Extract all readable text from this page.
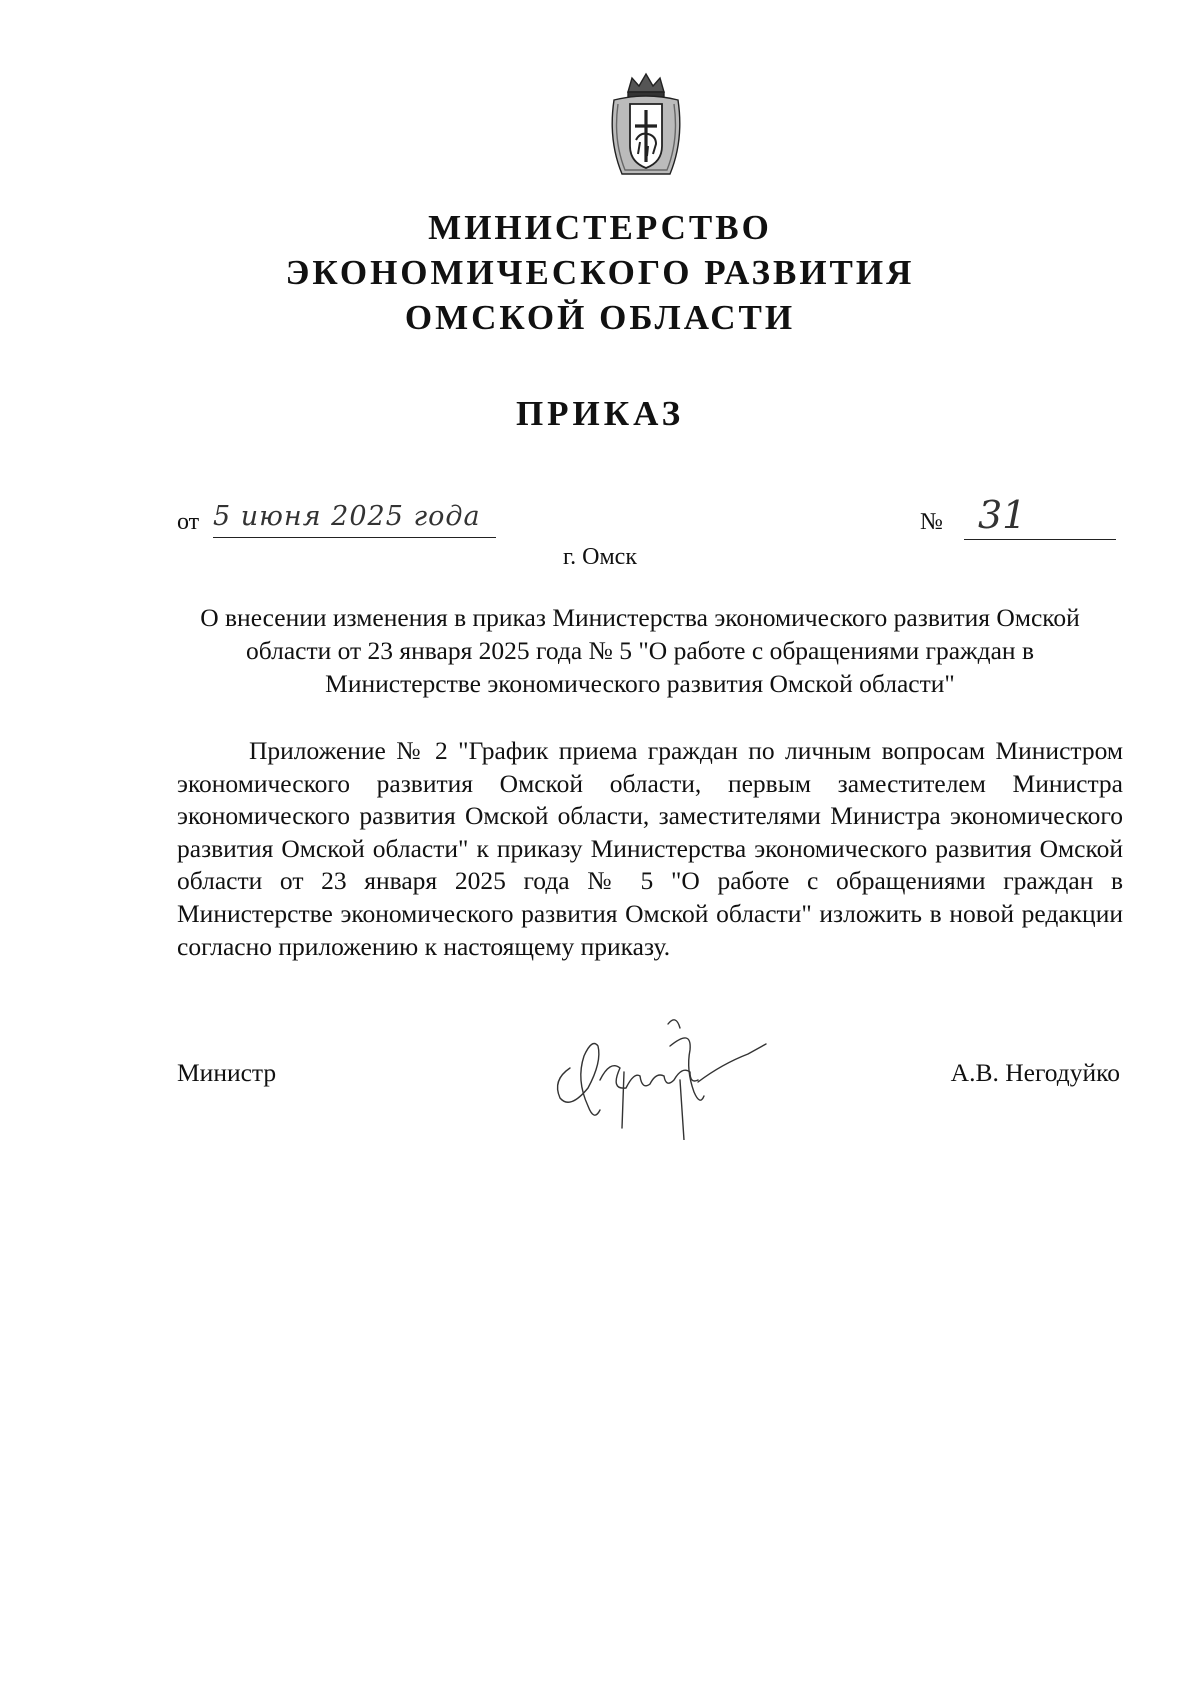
МИНИСТЕРСТВО
ЭКОНОМИЧЕСКОГО РАЗВИТИЯ
ОМСКОЙ ОБЛАСТИ
ПРИКАЗ
от 5 июня 2025 года	№ 31
г. Омск
О внесении изменения в приказ Министерства экономического развития Омской области от 23 января 2025 года № 5 "О работе с обращениями граждан в Министерстве экономического развития Омской области"
Приложение № 2 "График приема граждан по личным вопросам Министром экономического развития Омской области, первым заместителем Министра экономического развития Омской области, заместителями Министра экономического развития Омской области" к приказу Министерства экономического развития Омской области от 23 января 2025 года № 5 "О работе с обращениями граждан в Министерстве экономического развития Омской области" изложить в новой редакции согласно приложению к настоящему приказу.
Министр	А.В. Негодуйко
